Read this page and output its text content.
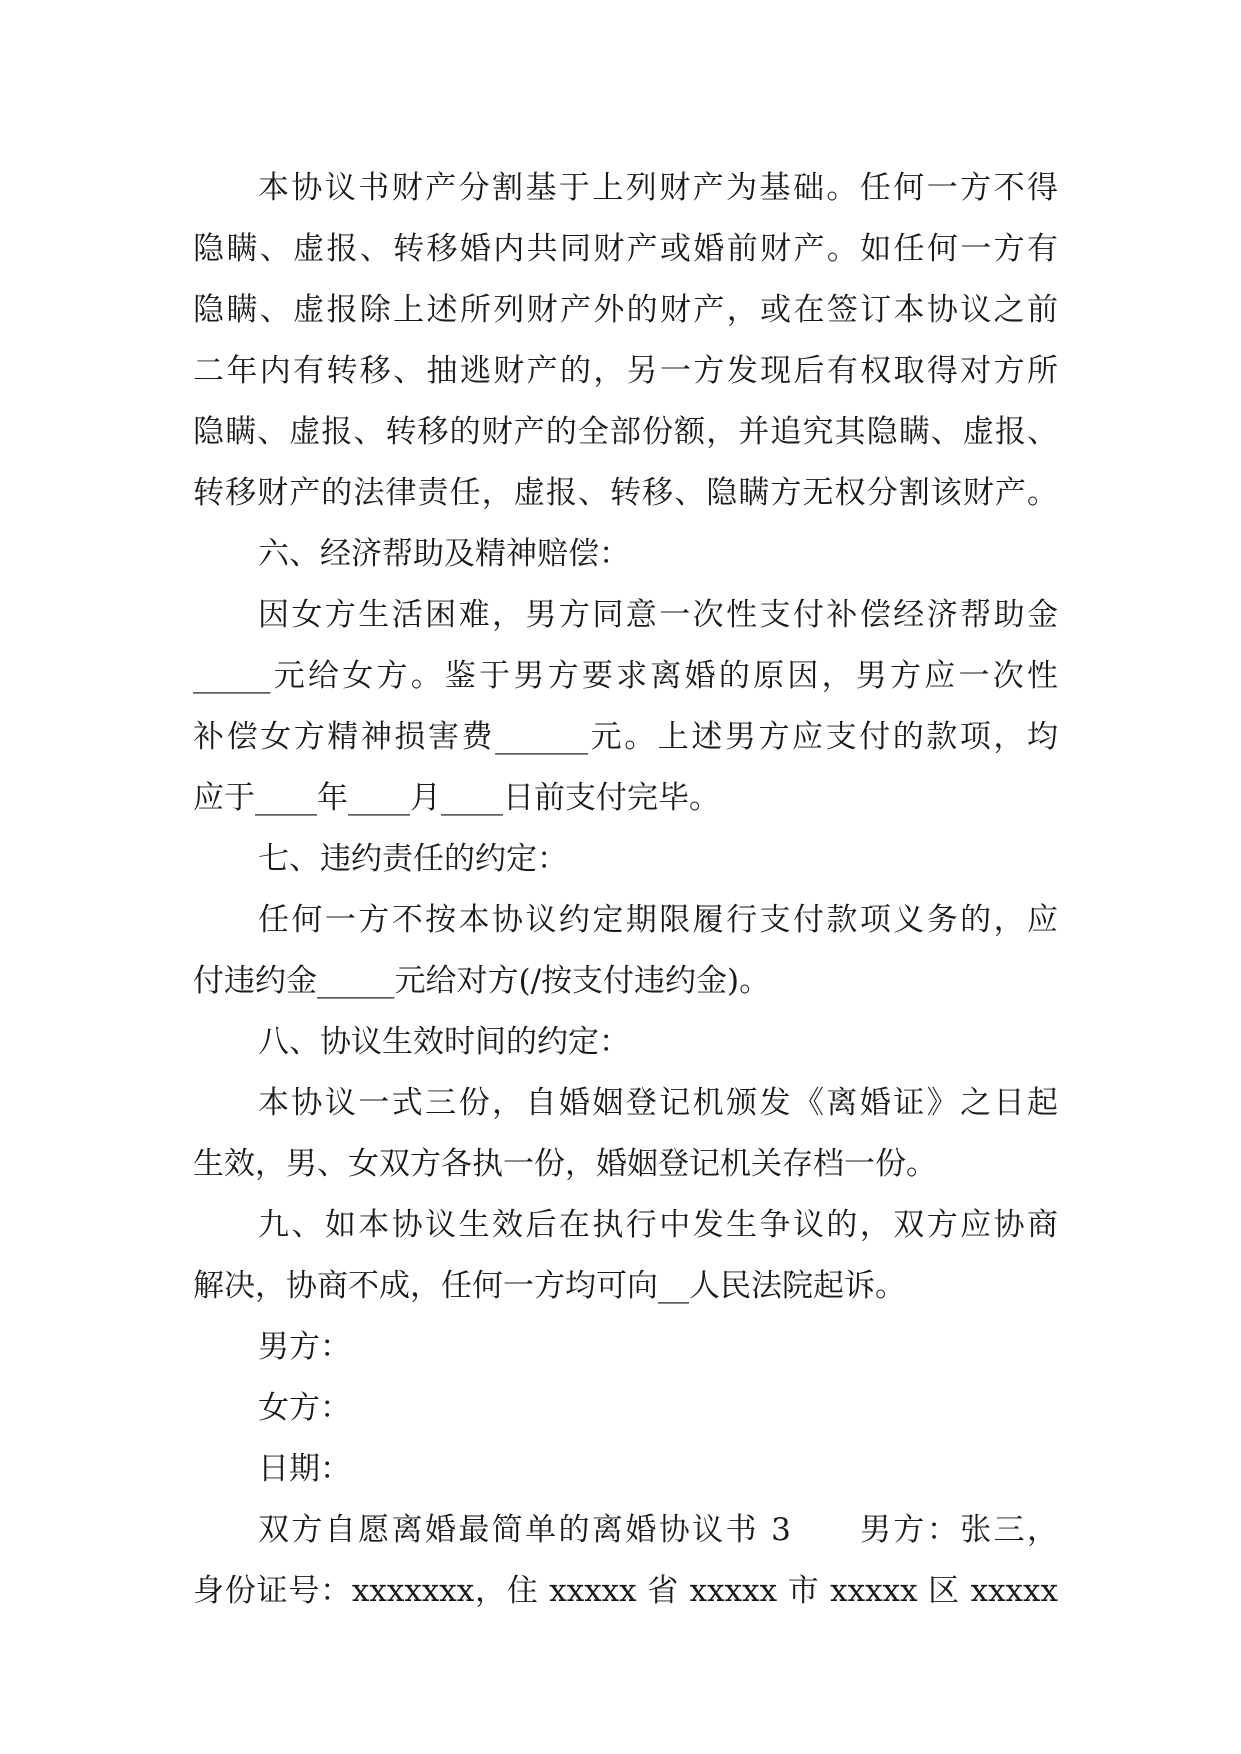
本协议书财产分割基于上列财产为基础。任何一方不得
隐瞒、虚报、转移婚内共同财产或婚前财产。如任何一方有
隐瞒、虚报除上述所列财产外的财产，或在签订本协议之前
二年内有转移、抽逃财产的，另一方发现后有权取得对方所
隐瞒、虚报、转移的财产的全部份额，并追究其隐瞒、虚报、
转移财产的法律责任，虚报、转移、隐瞒方无权分割该财产。
六、经济帮助及精神赔偿：
因女方生活困难，男方同意一次性支付补偿经济帮助金
_____元给女方。鉴于男方要求离婚的原因，男方应一次性
补偿女方精神损害费______元。上述男方应支付的款项，均
应于____年____月____日前支付完毕。
七、违约责任的约定：
任何一方不按本协议约定期限履行支付款项义务的，应
付违约金_____元给对方(/按支付违约金)。
八、协议生效时间的约定：
本协议一式三份，自婚姻登记机颁发《离婚证》之日起
生效，男、女双方各执一份，婚姻登记机关存档一份。
九、如本协议生效后在执行中发生争议的，双方应协商
解决，协商不成，任何一方均可向__人民法院起诉。
男方：
女方：
日期：
双方自愿离婚最简单的离婚协议书 3　　男方：张三，
身份证号：xxxxxxx，住 xxxxx 省 xxxxx 市 xxxxx 区 xxxxx
